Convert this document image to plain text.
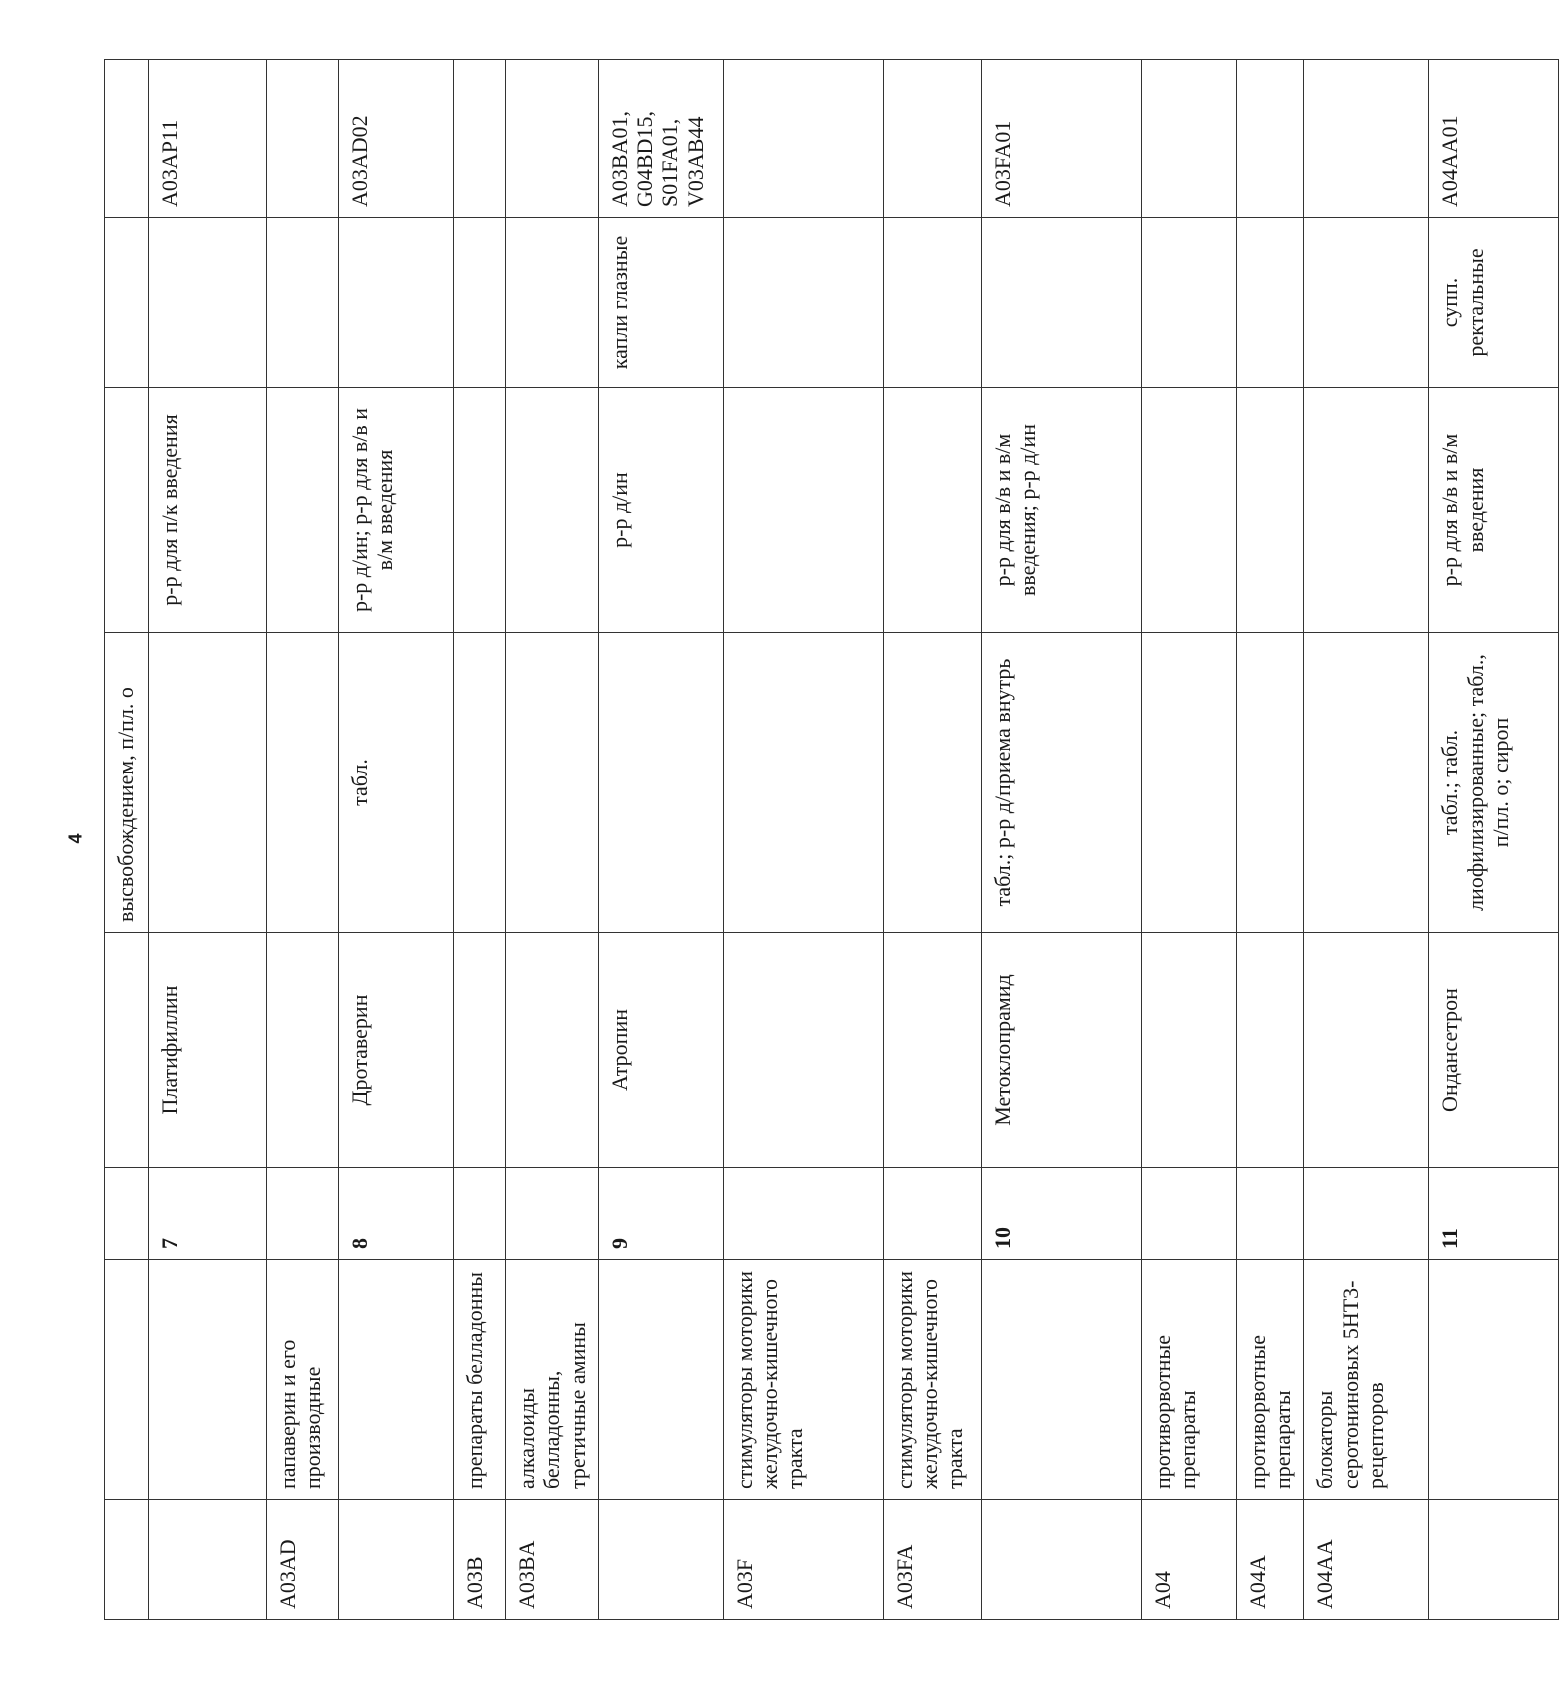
4
				высвобождением, п/пл. о			
		7	Платифиллин		р-р для п/к введения		A03AP11
A03AD	папаверин и его производные						
		8	Дротаверин	табл.	р-р д/ин; р-р для в/в и в/м введения		A03AD02
A03B	препараты белладонны						
A03BA	алкалоиды белладонны, третичные амины						
		9	Атропин		р-р д/ин	капли глазные	A03BA01, G04BD15, S01FA01, V03AB44
A03F	стимуляторы моторики желудочно-кишечного тракта						
A03FA	стимуляторы моторики желудочно-кишечного тракта						
		10	Метоклопрамид	табл.; р-р д/приема внутрь	р-р для в/в и в/м введения; р-р д/ин		A03FA01
A04	противорвотные препараты						
A04A	противорвотные препараты						
A04AA	блокаторы серотониновых 5HT3-рецепторов						
		11	Ондансетрон	табл.; табл. лиофилизированные; табл., п/пл. о; сироп	р-р для в/в и в/м введения	супп. ректальные	A04AA01
